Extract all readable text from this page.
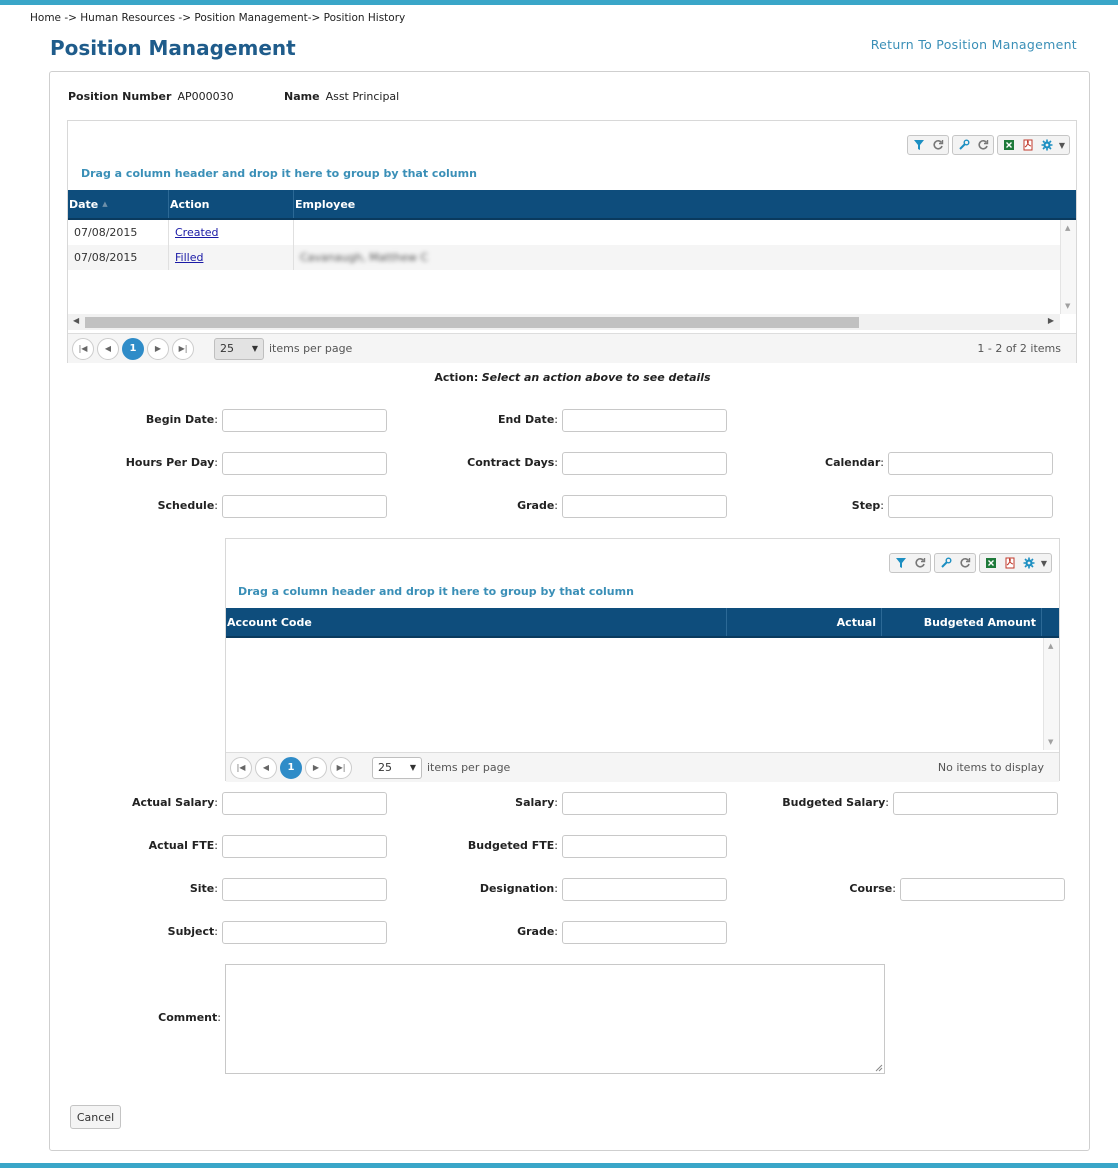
Home -> Human Resources -> Position Management-> Position History
Position Management	Return To Position Management
Position Number AP000030	Name Asst Principal
▼
Drag a column header and drop it here to group by that column
Date ▲	Action	Employee
07/08/2015	Created
07/08/2015	Filled	Cavanaugh, Matthew C
▲
▼
◀	▶
|◀	◀	1	▶	▶|	25 ▼ items per page	1 - 2 of 2 items
Action: Select an action above to see details
Begin Date:	End Date:
Hours Per Day:	Contract Days:	Calendar:
Schedule:	Grade:	Step:
▼
Drag a column header and drop it here to group by that column
Account Code	Actual	Budgeted Amount
▲
▼
|◀	◀	1	▶	▶|	25 ▼ items per page	No items to display
Actual Salary:	Salary:	Budgeted Salary:
Actual FTE:	Budgeted FTE:
Site:	Designation:	Course:
Subject:	Grade:
Comment:
Cancel
